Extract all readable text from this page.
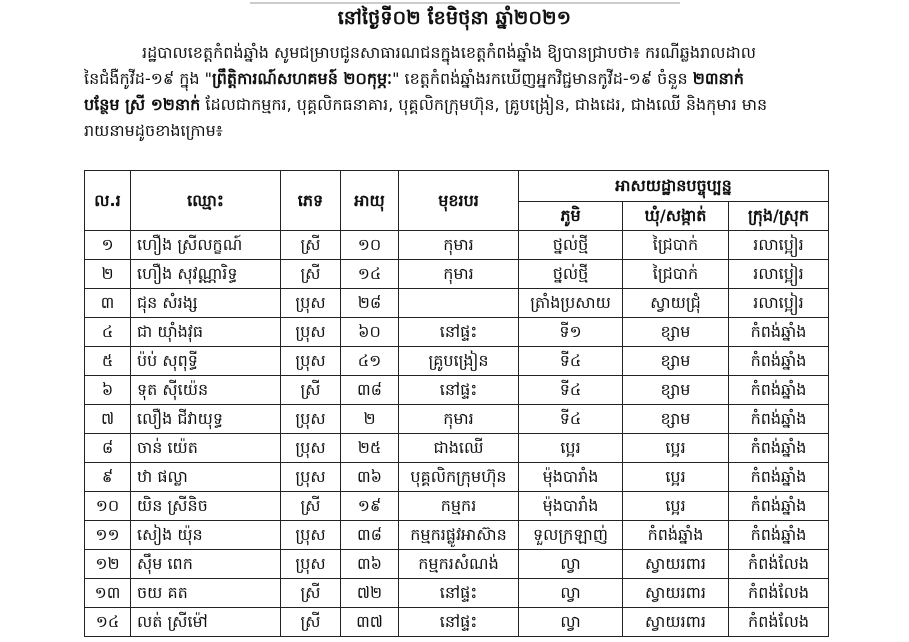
នៅថ្ងៃទី០២ ខែមិថុនា ឆ្នាំ២០២១
រដ្ឋបាលខេត្តកំពង់ឆ្នាំង សូមជម្រាបជូនសាធារណជនក្នុងខេត្តកំពង់ឆ្នាំង ឱ្យបានជ្រាបថា៖ ករណីឆ្លងរាលដាល
នៃជំងឺកូវីដ-១៩ ក្នុង "ព្រឹត្តិការណ៍សហគមន៍ ២០កុម្ភៈ" ខេត្តកំពង់ឆ្នាំងរកឃើញអ្នកវិជ្ជមានកូវីដ-១៩ ចំនួន ២៣នាក់
បន្ថែម ស្រី ១២នាក់ ដែលជាកម្មករ, បុគ្គលិកធនាគារ, បុគ្គលិកក្រុមហ៊ុន, គ្រូបង្រៀន, ជាងដេរ, ជាងឈើ និងកុមារ មាន
រាយនាមដូចខាងក្រោម៖
ល.រ	ឈ្មោះ	ភេទ	អាយុ	មុខរបរ	អាសយដ្ឋានបច្ចុប្បន្ន		
					ភូមិ	ឃុំ/សង្កាត់	ក្រុង/ស្រុក
១	ហឿង ស្រីលក្ខណ៍	ស្រី	១០	កុមារ	ថ្នល់ថ្មី	ជ្រៃបាក់	រលាប្អៀរ
២	ហឿង សុវណ្ណារិទ្ធ	ស្រី	១៤	កុមារ	ថ្នល់ថ្មី	ជ្រៃបាក់	រលាប្អៀរ
៣	ជុន សំរង្ស	ប្រុស	២៨		ត្រាំងប្រសាយ	ស្វាយជ្រុំ	រលាប្អៀរ
៤	ជា យ៉ាំងវុធ	ប្រុស	៦០	នៅផ្ទះ	ទី១	ខ្សាម	កំពង់ឆ្នាំង
៥	ប៉ប់ សុពុទ្ធី	ប្រុស	៤១	គ្រូបង្រៀន	ទី៤	ខ្សាម	កំពង់ឆ្នាំង
៦	ទុត ស៊ីយ៉េន	ស្រី	៣៨	នៅផ្ទះ	ទី៤	ខ្សាម	កំពង់ឆ្នាំង
៧	លឿង ជីវាយុទ្ធ	ប្រុស	២	កុមារ	ទី៤	ខ្សាម	កំពង់ឆ្នាំង
៨	ចាន់ យ៉េត	ប្រុស	២៥	ជាងឈើ	ប្អេរ	ប្អេរ	កំពង់ឆ្នាំង
៩	ឋា ផល្លា	ប្រុស	៣៦	បុគ្គលិកក្រុមហ៊ុន	ម៉ុងបារាំង	ប្អេរ	កំពង់ឆ្នាំង
១០	យិន ស្រីនិច	ស្រី	១៩	កម្មករ	ម៉ុងបារាំង	ប្អេរ	កំពង់ឆ្នាំង
១១	សៀង យ៉ុន	ប្រុស	៣៨	កម្មករផ្លូវអាស៊ាន	ទួលក្រឡាញ់	កំពង់ឆ្នាំង	កំពង់ឆ្នាំង
១២	ស៊ឹម ពេក	ប្រុស	៣៦	កម្មករសំណង់	ល្វា	ស្វាយរពារ	កំពង់លែង
១៣	ចយ គត	ស្រី	៧២	នៅផ្ទះ	ល្វា	ស្វាយរពារ	កំពង់លែង
១៤	លត់ ស្រីម៉ៅ	ស្រី	៣៧	នៅផ្ទះ	ល្វា	ស្វាយរពារ	កំពង់លែង
